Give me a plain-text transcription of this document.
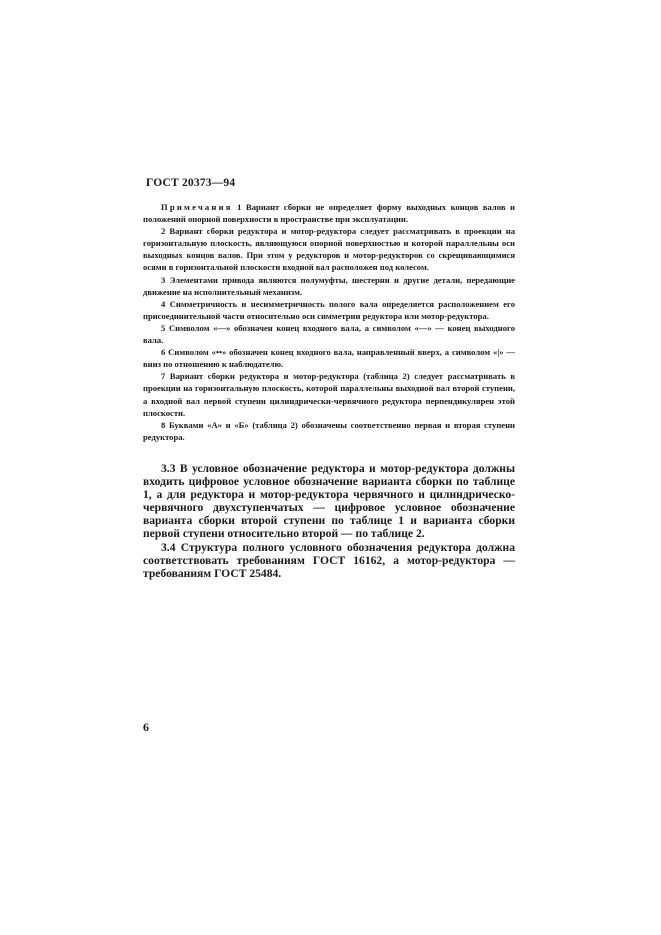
ГОСТ 20373—94

Примечания 1 Вариант сборки не определяет форму выходных концов валов и положений опорной поверхности в пространстве при эксплуатации.

2 Вариант сборки редуктора и мотор-редуктора следует рассматривать в проекции на горизонтальную плоскость, являющуюся опорной поверхностью и которой параллельны оси выходных концов валов. При этом у редукторов и мотор-редукторов со скрещивающимися осями в горизонтальной плоскости входной вал расположен под колесом.

3 Элементами привода являются полумуфты, шестерни и другие детали, передающие движение на исполнительный механизм.

4 Симметричность и несимметричность полого вала определяется расположением его присоединительной части относительно оси симметрии редуктора или мотор-редуктора.

5 Символом «—» обозначен конец входного вала, а символом «—» — конец выходного вала.

6 Символом «••» обозначен конец входного вала, направленный вверх, а символом «|» — вниз по отношению к наблюдателю.

7 Вариант сборки редуктора и мотор-редуктора (таблица 2) следует рассматривать в проекции на горизонтальную плоскость, которой параллельны выходной вал второй ступени, а входной вал первой ступени цилиндрически-червячного редуктора перпендикулярен этой плоскости.

8 Буквами «А» и «Б» (таблица 2) обозначены соответственно первая и вторая ступени редуктора.

3.3 В условное обозначение редуктора и мотор-редуктора должны входить цифровое условное обозначение варианта сборки по таблице 1, а для редуктора и мотор-редуктора червячного и цилиндрическо-червячного двухступенчатых — цифровое условное обозначение варианта сборки второй ступени по таблице 1 и варианта сборки первой ступени относительно второй — по таблице 2.

3.4 Структура полного условного обозначения редуктора должна соответствовать требованиям ГОСТ 16162, а мотор-редуктора — требованиям ГОСТ 25484.

6
